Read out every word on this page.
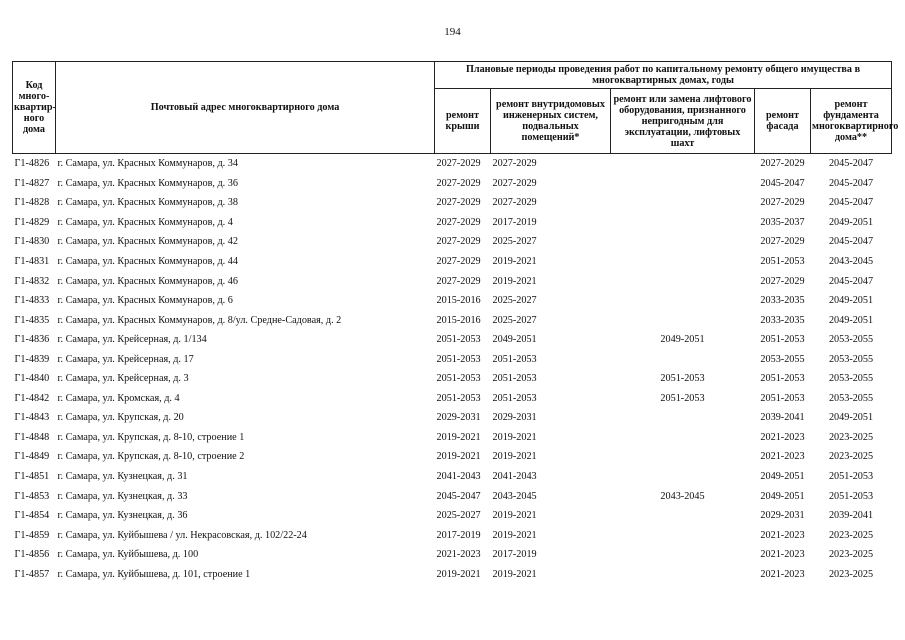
194
Код много-квартир-ного дома	Почтовый адрес многоквартирного дома	Плановые периоды проведения работ по капитальному ремонту общего имущества в многоквартирных домах, годы				
		ремонт крыши	ремонт внутридомовых инженерных систем, подвальных помещений*	ремонт или замена лифтового оборудования, признанного непригодным для эксплуатации, лифтовых шахт	ремонт фасада	ремонт фундамента многоквартирного дома**
Г1-4826	г. Самара, ул. Красных Коммунаров, д. 34	2027-2029	2027-2029		2027-2029	2045-2047
Г1-4827	г. Самара, ул. Красных Коммунаров, д. 36	2027-2029	2027-2029		2045-2047	2045-2047
Г1-4828	г. Самара, ул. Красных Коммунаров, д. 38	2027-2029	2027-2029		2027-2029	2045-2047
Г1-4829	г. Самара, ул. Красных Коммунаров, д. 4	2027-2029	2017-2019		2035-2037	2049-2051
Г1-4830	г. Самара, ул. Красных Коммунаров, д. 42	2027-2029	2025-2027		2027-2029	2045-2047
Г1-4831	г. Самара, ул. Красных Коммунаров, д. 44	2027-2029	2019-2021		2051-2053	2043-2045
Г1-4832	г. Самара, ул. Красных Коммунаров, д. 46	2027-2029	2019-2021		2027-2029	2045-2047
Г1-4833	г. Самара, ул. Красных Коммунаров, д. 6	2015-2016	2025-2027		2033-2035	2049-2051
Г1-4835	г. Самара, ул. Красных Коммунаров, д. 8/ул. Средне-Садовая, д. 2	2015-2016	2025-2027		2033-2035	2049-2051
Г1-4836	г. Самара, ул. Крейсерная, д. 1/134	2051-2053	2049-2051	2049-2051	2051-2053	2053-2055
Г1-4839	г. Самара, ул. Крейсерная, д. 17	2051-2053	2051-2053		2053-2055	2053-2055
Г1-4840	г. Самара, ул. Крейсерная, д. 3	2051-2053	2051-2053	2051-2053	2051-2053	2053-2055
Г1-4842	г. Самара, ул. Кромская, д. 4	2051-2053	2051-2053	2051-2053	2051-2053	2053-2055
Г1-4843	г. Самара, ул. Крупская, д. 20	2029-2031	2029-2031		2039-2041	2049-2051
Г1-4848	г. Самара, ул. Крупская, д. 8-10, строение 1	2019-2021	2019-2021		2021-2023	2023-2025
Г1-4849	г. Самара, ул. Крупская, д. 8-10, строение 2	2019-2021	2019-2021		2021-2023	2023-2025
Г1-4851	г. Самара, ул. Кузнецкая, д. 31	2041-2043	2041-2043		2049-2051	2051-2053
Г1-4853	г. Самара, ул. Кузнецкая, д. 33	2045-2047	2043-2045	2043-2045	2049-2051	2051-2053
Г1-4854	г. Самара, ул. Кузнецкая, д. 36	2025-2027	2019-2021		2029-2031	2039-2041
Г1-4859	г. Самара, ул. Куйбышева / ул. Некрасовская, д. 102/22-24	2017-2019	2019-2021		2021-2023	2023-2025
Г1-4856	г. Самара, ул. Куйбышева, д. 100	2021-2023	2017-2019		2021-2023	2023-2025
Г1-4857	г. Самара, ул. Куйбышева, д. 101, строение 1	2019-2021	2019-2021		2021-2023	2023-2025
